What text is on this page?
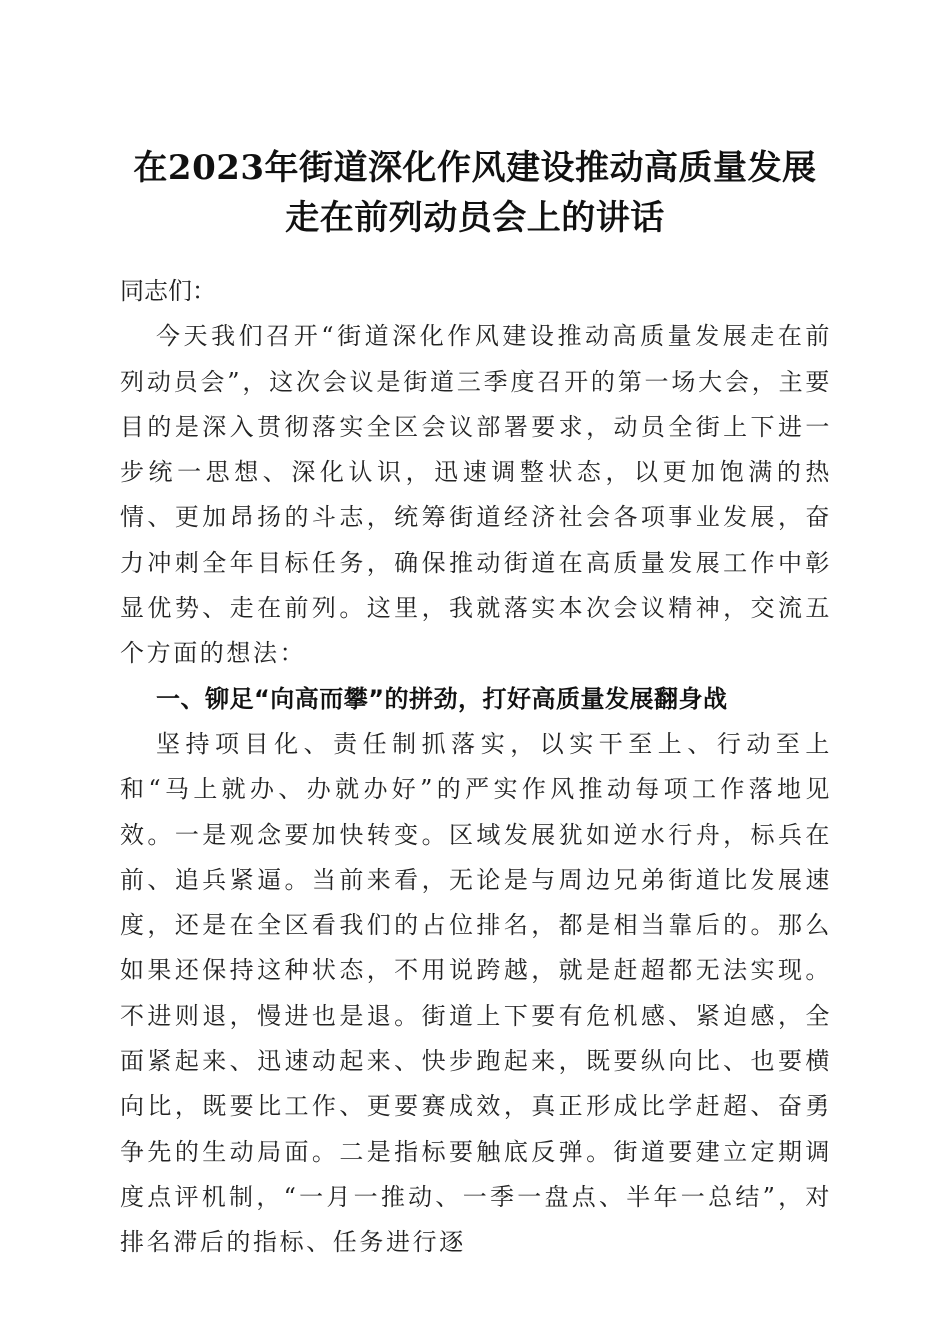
在2023年街道深化作风建设推动高质量发展
走在前列动员会上的讲话

同志们：

今天我们召开“街道深化作风建设推动高质量发展走在前列动员会”，这次会议是街道三季度召开的第一场大会，主要目的是深入贯彻落实全区会议部署要求，动员全街上下进一步统一思想、深化认识，迅速调整状态，以更加饱满的热情、更加昂扬的斗志，统筹街道经济社会各项事业发展，奋力冲刺全年目标任务，确保推动街道在高质量发展工作中彰显优势、走在前列。这里，我就落实本次会议精神，交流五个方面的想法：

一、铆足“向高而攀”的拼劲，打好高质量发展翻身战

坚持项目化、责任制抓落实，以实干至上、行动至上和“马上就办、办就办好”的严实作风推动每项工作落地见效。一是观念要加快转变。区域发展犹如逆水行舟，标兵在前、追兵紧逼。当前来看，无论是与周边兄弟街道比发展速度，还是在全区看我们的占位排名，都是相当靠后的。那么如果还保持这种状态，不用说跨越，就是赶超都无法实现。不进则退，慢进也是退。街道上下要有危机感、紧迫感，全面紧起来、迅速动起来、快步跑起来，既要纵向比、也要横向比，既要比工作、更要赛成效，真正形成比学赶超、奋勇争先的生动局面。二是指标要触底反弹。街道要建立定期调度点评机制，“一月一推动、一季一盘点、半年一总结”，对排名滞后的指标、任务进行逐
